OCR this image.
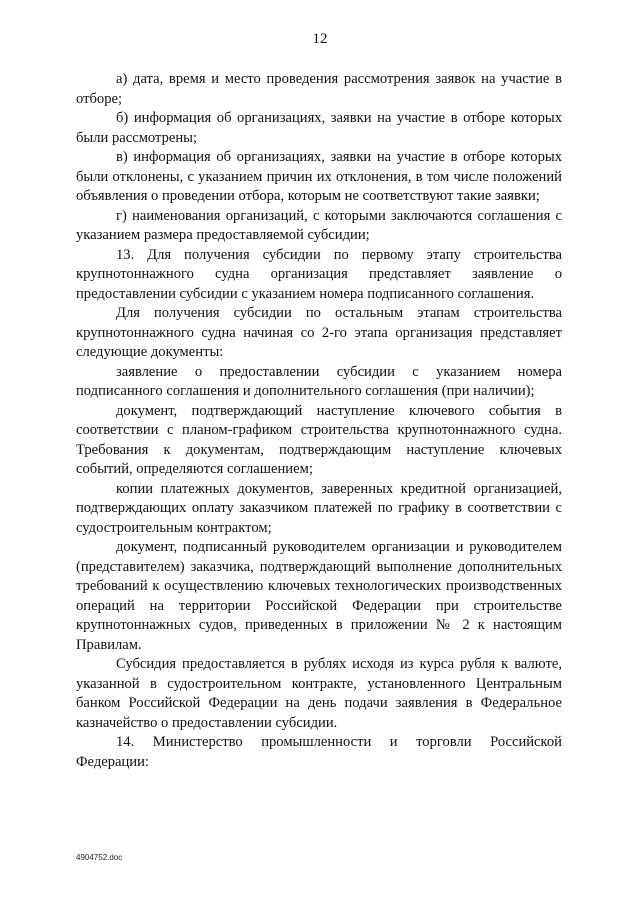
12

а) дата, время и место проведения рассмотрения заявок на участие в отборе;

б) информация об организациях, заявки на участие в отборе которых были рассмотрены;

в) информация об организациях, заявки на участие в отборе которых были отклонены, с указанием причин их отклонения, в том числе положений объявления о проведении отбора, которым не соответствуют такие заявки;

г) наименования организаций, с которыми заключаются соглашения с указанием размера предоставляемой субсидии;

13. Для получения субсидии по первому этапу строительства крупнотоннажного судна организация представляет заявление о предоставлении субсидии с указанием номера подписанного соглашения.

Для получения субсидии по остальным этапам строительства крупнотоннажного судна начиная со 2-го этапа организация представляет следующие документы:

заявление о предоставлении субсидии с указанием номера подписанного соглашения и дополнительного соглашения (при наличии);

документ, подтверждающий наступление ключевого события в соответствии с планом-графиком строительства крупнотоннажного судна. Требования к документам, подтверждающим наступление ключевых событий, определяются соглашением;

копии платежных документов, заверенных кредитной организацией, подтверждающих оплату заказчиком платежей по графику в соответствии с судостроительным контрактом;

документ, подписанный руководителем организации и руководителем (представителем) заказчика, подтверждающий выполнение дополнительных требований к осуществлению ключевых технологических производственных операций на территории Российской Федерации при строительстве крупнотоннажных судов, приведенных в приложении № 2 к настоящим Правилам.

Субсидия предоставляется в рублях исходя из курса рубля к валюте, указанной в судостроительном контракте, установленного Центральным банком Российской Федерации на день подачи заявления в Федеральное казначейство о предоставлении субсидии.

14. Министерство промышленности и торговли Российской Федерации:

4904752.doc
